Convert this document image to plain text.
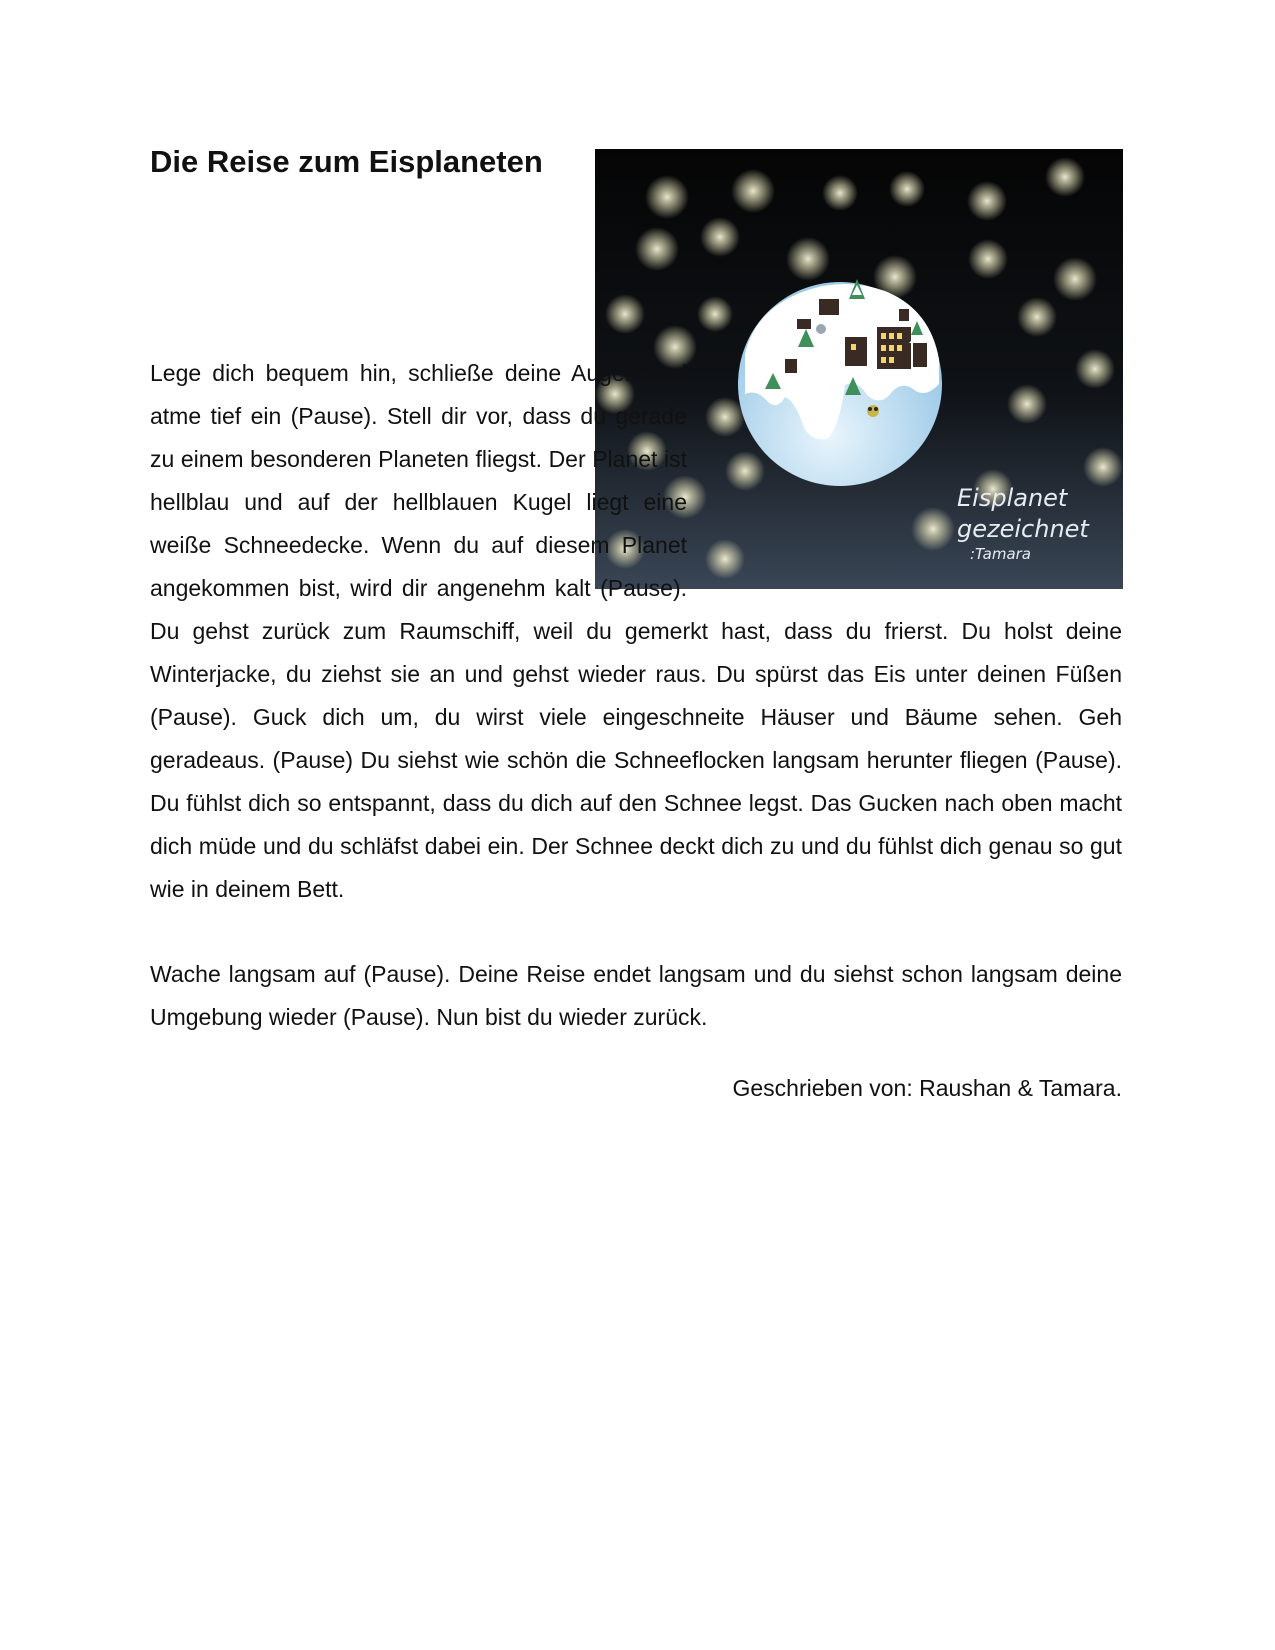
Die Reise zum Eisplaneten
Eisplanet
gezeichnet
:Tamara

Lege dich bequem hin, schließe deine Augen und atme tief ein (Pause). Stell dir vor, dass du gerade zu einem besonderen Planeten fliegst. Der Planet ist hellblau und auf der hellblauen Kugel liegt eine weiße Schneedecke. Wenn du auf diesem Planet angekommen bist, wird dir angenehm kalt (Pause). Du gehst zurück zum Raumschiff, weil du gemerkt hast, dass du frierst. Du holst deine Winterjacke, du ziehst sie an und gehst wieder raus. Du spürst das Eis unter deinen Füßen (Pause). Guck dich um, du wirst viele eingeschneite Häuser und Bäume sehen. Geh geradeaus. (Pause) Du siehst wie schön die Schneeflocken langsam herunter fliegen (Pause). Du fühlst dich so entspannt, dass du dich auf den Schnee legst. Das Gucken nach oben macht dich müde und du schläfst dabei ein. Der Schnee deckt dich zu und du fühlst dich genau so gut wie in deinem Bett.

Wache langsam auf (Pause). Deine Reise endet langsam und du siehst schon langsam deine Umgebung wieder (Pause). Nun bist du wieder zurück.

Geschrieben von: Raushan & Tamara.
